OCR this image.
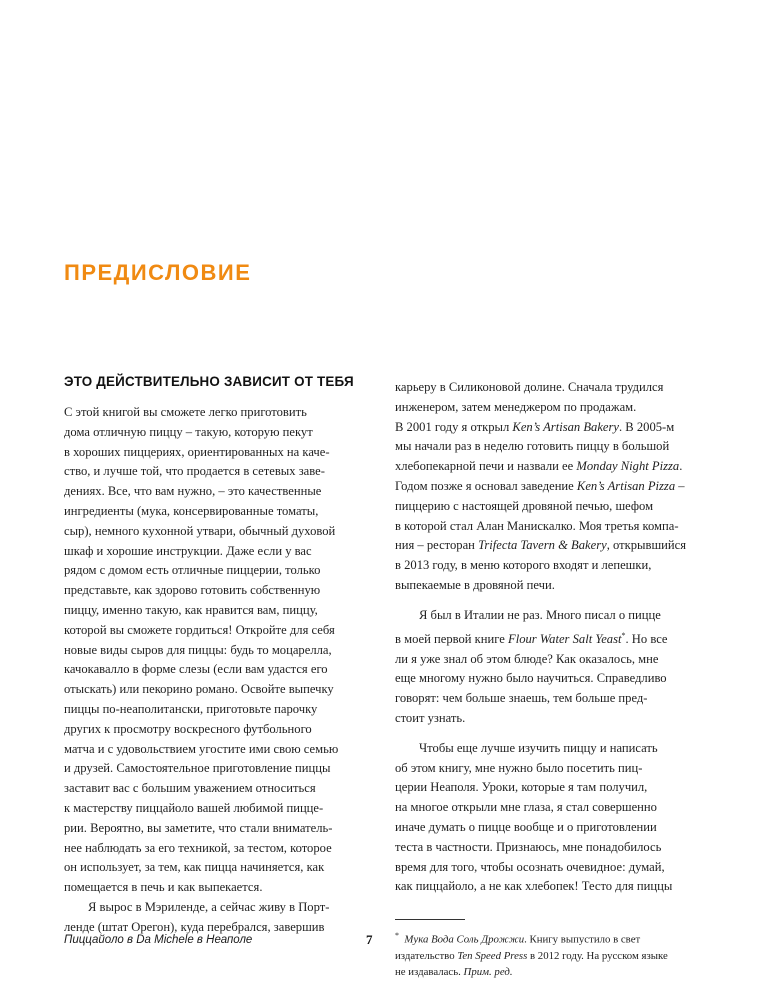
ПРЕДИСЛОВИЕ
ЭТО ДЕЙСТВИТЕЛЬНО ЗАВИСИТ ОТ ТЕБЯ
С этой книгой вы сможете легко приготовить
дома отличную пиццу – такую, которую пекут
в хороших пиццериях, ориентированных на каче-
ство, и лучше той, что продается в сетевых заве-
дениях. Все, что вам нужно, – это качественные
ингредиенты (мука, консервированные томаты,
сыр), немного кухонной утвари, обычный духовой
шкаф и хорошие инструкции. Даже если у вас
рядом с домом есть отличные пиццерии, только
представьте, как здорово готовить собственную
пиццу, именно такую, как нравится вам, пиццу,
которой вы сможете гордиться! Откройте для себя
новые виды сыров для пиццы: будь то моцарелла,
качокавалло в форме слезы (если вам удастся его
отыскать) или пекорино романо. Освойте выпечку
пиццы по-неаполитански, приготовьте парочку
других к просмотру воскресного футбольного
матча и с удовольствием угостите ими свою семью
и друзей. Самостоятельное приготовление пиццы
заставит вас с большим уважением относиться
к мастерству пиццайоло вашей любимой пицце-
рии. Вероятно, вы заметите, что стали вниматель-
нее наблюдать за его техникой, за тестом, которое
он использует, за тем, как пицца начиняется, как
помещается в печь и как выпекается.
Я вырос в Мэриленде, а сейчас живу в Порт-
ленде (штат Орегон), куда перебрался, завершив
карьеру в Силиконовой долине. Сначала трудился
инженером, затем менеджером по продажам.
В 2001 году я открыл Ken’s Artisan Bakery. В 2005-м
мы начали раз в неделю готовить пиццу в большой
хлебопекарной печи и назвали ее Monday Night Pizza.
Годом позже я основал заведение Ken’s Artisan Pizza –
пиццерию с настоящей дровяной печью, шефом
в которой стал Алан Маниcкалко. Моя третья компа-
ния – ресторан Trifecta Tavern & Bakery, открывшийся
в 2013 году, в меню которого входят и лепешки,
выпекаемые в дровяной печи.
Я был в Италии не раз. Много писал о пицце
в моей первой книге Flour Water Salt Yeast*. Но все
ли я уже знал об этом блюде? Как оказалось, мне
еще многому нужно было научиться. Справедливо
говорят: чем больше знаешь, тем больше пред-
стоит узнать.
Чтобы еще лучше изучить пиццу и написать
об этом книгу, мне нужно было посетить пиц-
церии Неаполя. Уроки, которые я там получил,
на многое открыли мне глаза, я стал совершенно
иначе думать о пицце вообще и о приготовлении
теста в частности. Признаюсь, мне понадобилось
время для того, чтобы осознать очевидное: думай,
как пиццайоло, а не как хлебопек! Тесто для пиццы
* Мука Вода Соль Дрожжи. Книгу выпустило в свет
издательство Ten Speed Press в 2012 году. На русском языке
не издавалась. Прим. ред.

Пиццайоло в Da Michele в Неаполе	7
